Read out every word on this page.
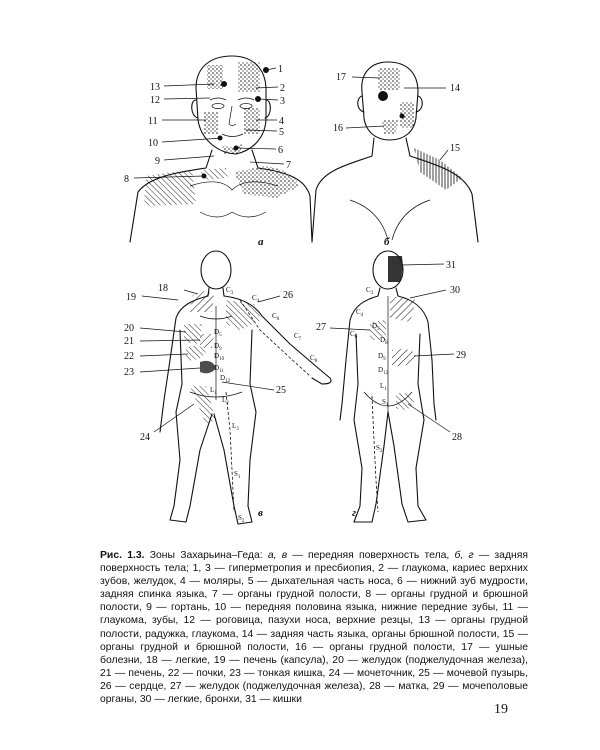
1
2
3
4
5
6
7
8
9
10
11
12
13
а
17
14
16
15
б
18
19	26
20
21
22
23
25
24
$C_3$
$C_4$
$C_6$
$C_7$
$C_8$
$D_5$
$D_9$
$D_{10}$
$D_{11}$
$D_{12}$
$L_1$
$L_2$
$L_3$
$S_1$
$S_2$
в
31
30
27
29
28
$C_3$
$C_4$
$C_6$
$D_5$
$D_8$
$D_9$
$D_{12}$
$L_1$
$S_1$
$S_2$
г
Рис. 1.3. Зоны Захарьина–Геда: а, в — передняя поверхность тела, б, г — задняя поверхность тела; 1, 3 — гиперметропия и пресбиопия, 2 — глаукома, кариес верхних зубов, желудок, 4 — моляры, 5 — дыхательная часть носа, 6 — нижний зуб мудрости, задняя спинка языка, 7 — органы грудной полости, 8 — органы грудной и брюшной полости, 9 — гортань, 10 — передняя половина языка, нижние передние зубы, 11 — глаукома, зубы, 12 — роговица, пазухи носа, верхние резцы, 13 — органы грудной полости, радужка, глаукома, 14 — задняя часть языка, органы брюшной полости, 15 — органы грудной и брюшной полости, 16 — органы грудной полости, 17 — ушные болезни, 18 — легкие, 19 — печень (капсула), 20 — желудок (поджелудочная железа), 21 — печень, 22 — почки, 23 — тонкая кишка, 24 — мочеточник, 25 — мочевой пузырь, 26 — сердце, 27 — желудок (поджелудочная железа), 28 — матка, 29 — мочеполовые органы, 30 — легкие, бронхи, 31 — кишки
19
